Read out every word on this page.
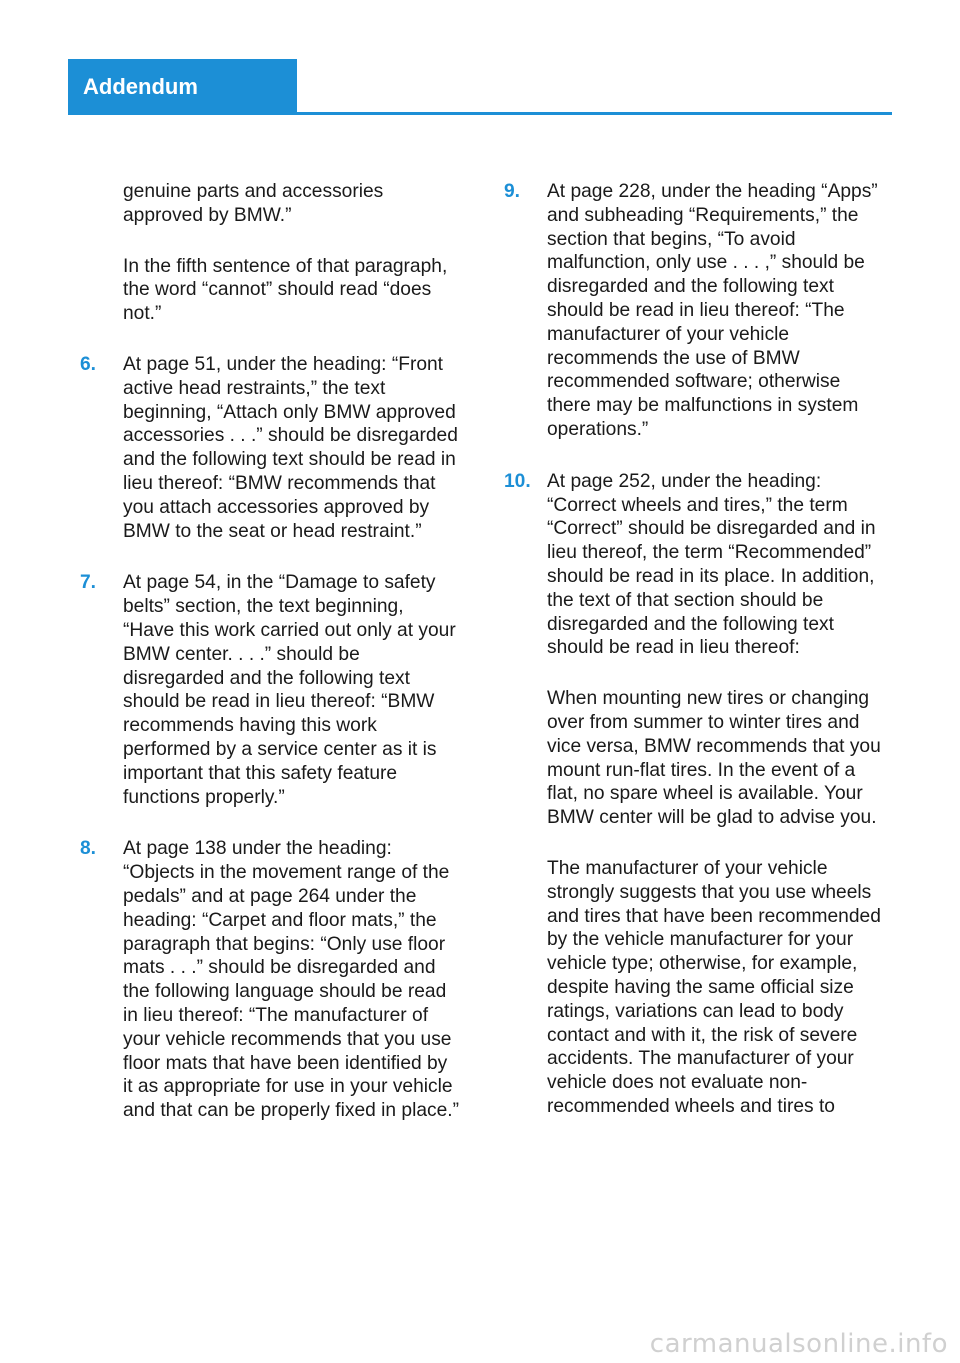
Addendum

genuine parts and accessories approved by BMW.”

In the fifth sentence of that paragraph, the word “cannot” should read “does not.”

6. At page 51, under the heading: “Front active head restraints,” the text beginning, “Attach only BMW approved accessories . . .” should be disregarded and the following text should be read in lieu thereof: “BMW recommends that you attach accessories approved by BMW to the seat or head restraint.”
7. At page 54, in the “Damage to safety belts” section, the text beginning, “Have this work carried out only at your BMW center. . . .” should be disregarded and the following text should be read in lieu thereof: “BMW recommends having this work performed by a service center as it is important that this safety feature functions properly.”
8. At page 138 under the heading: “Objects in the movement range of the pedals” and at page 264 under the heading: “Carpet and floor mats,” the paragraph that begins: “Only use floor mats . . .” should be disregarded and the following language should be read in lieu thereof: “The manufacturer of your vehicle recommends that you use floor mats that have been identified by it as appropriate for use in your vehicle and that can be properly fixed in place.”
9. At page 228, under the heading “Apps” and subheading “Requirements,” the section that begins, “To avoid malfunction, only use . . . ,” should be disregarded and the following text should be read in lieu thereof: “The manufacturer of your vehicle recommends the use of BMW recommended software; otherwise there may be malfunctions in system operations.”
10. At page 252, under the heading: “Correct wheels and tires,” the term “Correct” should be disregarded and in lieu thereof, the term “Recommended” should be read in its place. In addition, the text of that section should be disregarded and the following text should be read in lieu thereof:

When mounting new tires or changing over from summer to winter tires and vice versa, BMW recommends that you mount run-flat tires. In the event of a flat, no spare wheel is available. Your BMW center will be glad to advise you.

The manufacturer of your vehicle strongly suggests that you use wheels and tires that have been recommended by the vehicle manufacturer for your vehicle type; otherwise, for example, despite having the same official size ratings, variations can lead to body contact and with it, the risk of severe accidents. The manufacturer of your vehicle does not evaluate non-recommended wheels and tires to

carmanualsonline.info
